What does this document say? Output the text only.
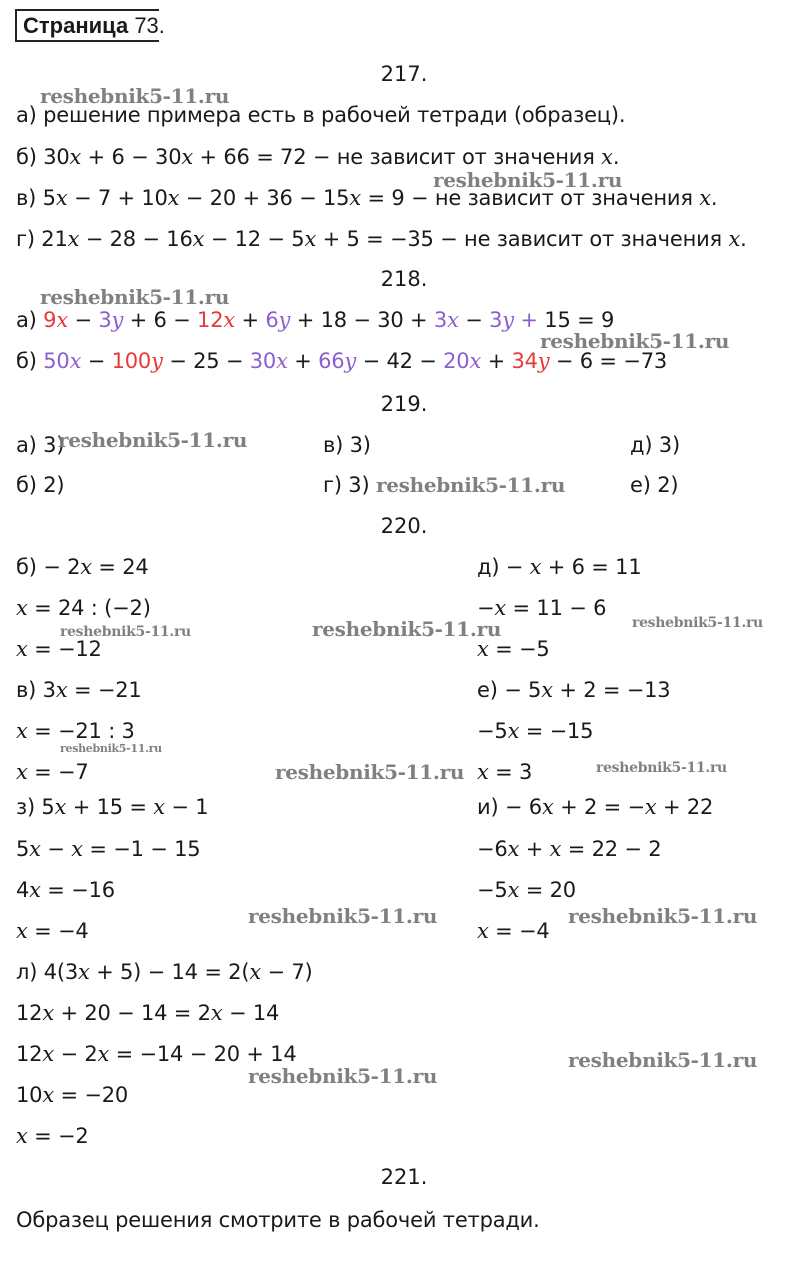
Страница 73.
217.
а) решение примера есть в рабочей тетради (образец).
б) 30x + 6 − 30x + 66 = 72 − не зависит от значения x.
в) 5x − 7 + 10x − 20 + 36 − 15x = 9 − не зависит от значения x.
г) 21x − 28 − 16x − 12 − 5x + 5 = −35 − не зависит от значения x.
218.
а) 9x − 3y + 6 − 12x + 6y + 18 − 30 + 3x − 3y + 15 = 9
б) 50x − 100y − 25 − 30x + 66y − 42 − 20x + 34y − 6 = −73
219.
а) 3)	в) 3)	д) 3)
б) 2)	г) 3)	е) 2)
220.
б) − 2x = 24
x = 24 : (−2)
x = −12
в) 3x = −21
x = −21 : 3
x = −7
з) 5x + 15 = x − 1
5x − x = −1 − 15
4x = −16
x = −4
д) − x + 6 = 11
−x = 11 − 6
x = −5
е) − 5x + 2 = −13
−5x = −15
x = 3
и) − 6x + 2 = −x + 22
−6x + x = 22 − 2
−5x = 20
x = −4
л) 4(3x + 5) − 14 = 2(x − 7)
12x + 20 − 14 = 2x − 14
12x − 2x = −14 − 20 + 14
10x = −20
x = −2
221.
Образец решения смотрите в рабочей тетради.
reshebnik5-11.ru
reshebnik5-11.ru
reshebnik5-11.ru
reshebnik5-11.ru
reshebnik5-11.ru
reshebnik5-11.ru
reshebnik5-11.ru	reshebnik5-11.ru	reshebnik5-11.ru
reshebnik5-11.ru
reshebnik5-11.ru	reshebnik5-11.ru
reshebnik5-11.ru	reshebnik5-11.ru
reshebnik5-11.ru
reshebnik5-11.ru
